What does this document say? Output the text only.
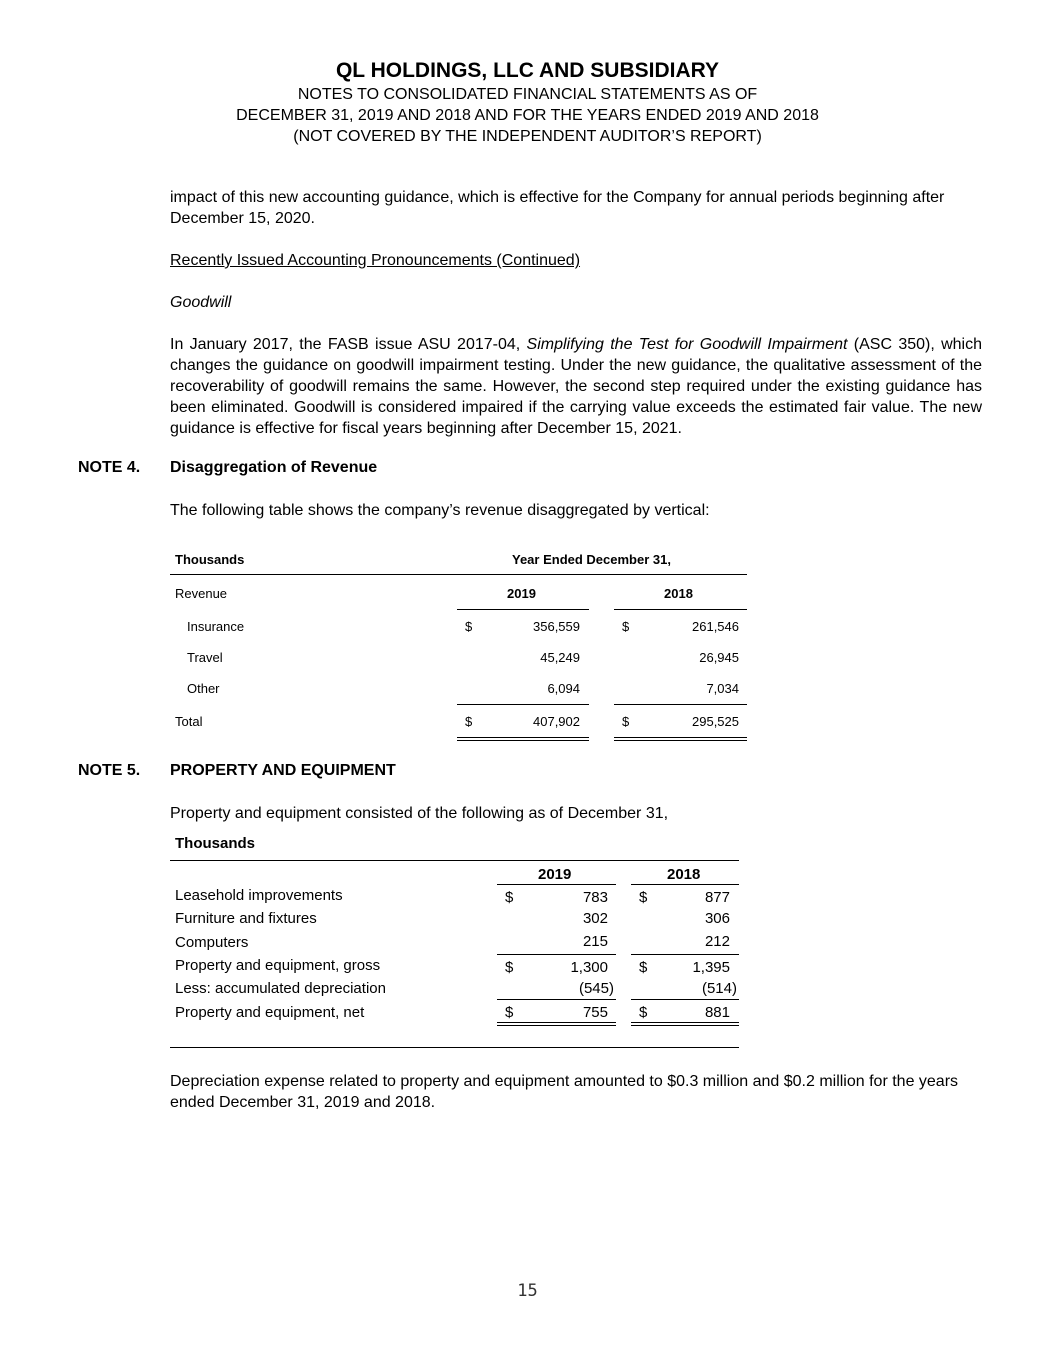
QL HOLDINGS, LLC AND SUBSIDIARY
NOTES TO CONSOLIDATED FINANCIAL STATEMENTS AS OF
DECEMBER 31, 2019 AND 2018 AND FOR THE YEARS ENDED 2019 AND 2018
(NOT COVERED BY THE INDEPENDENT AUDITOR’S REPORT)
impact of this new accounting guidance, which is effective for the Company for annual periods beginning after December 15, 2020.
Recently Issued Accounting Pronouncements (Continued)
Goodwill
In January 2017, the FASB issue ASU 2017-04, Simplifying the Test for Goodwill Impairment (ASC 350), which changes the guidance on goodwill impairment testing. Under the new guidance, the qualitative assessment of the recoverability of goodwill remains the same. However, the second step required under the existing guidance has been eliminated. Goodwill is considered impaired if the carrying value exceeds the estimated fair value. The new guidance is effective for fiscal years beginning after December 15, 2021.
NOTE 4. Disaggregation of Revenue
The following table shows the company’s revenue disaggregated by vertical:
Thousands	Year Ended December 31,
Revenue	2019	2018
Insurance	$	356,559	$	261,546
Travel	45,249	26,945
Other	6,094	7,034
Total	$	407,902	$	295,525
NOTE 5. PROPERTY AND EQUIPMENT
Property and equipment consisted of the following as of December 31,
Thousands
2019	2018
Leasehold improvements	$	783 $	877
Furniture and fixtures	302	306
Computers	215	212
Property and equipment, gross	$	1,300 $	1,395
Less: accumulated depreciation	(545)	(514)
Property and equipment, net	$	755 $	881
Depreciation expense related to property and equipment amounted to $0.3 million and $0.2 million for the years ended December 31, 2019 and 2018.
15
